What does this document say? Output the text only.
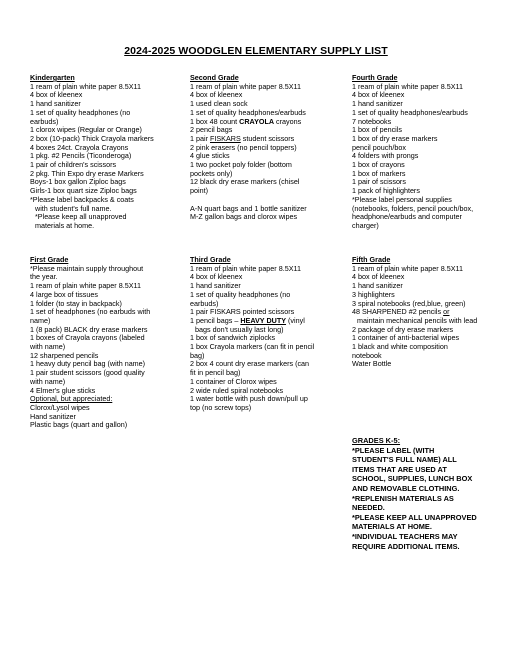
2024-2025 WOODGLEN ELEMENTARY SUPPLY LIST
Kindergarten
1 ream of plain white paper 8.5X11
4 box of kleenex
1 hand sanitizer
1 set of quality headphones (no
earbuds)
1 clorox wipes (Regular or Orange)
2 box (10-pack) Thick Crayola markers
4 boxes 24ct. Crayola Crayons
1 pkg. #2 Pencils (Ticonderoga)
1 pair of children's scissors
2 pkg. Thin Expo dry erase Markers
Boys-1 box gallon Ziploc bags
Girls-1 box quart size Ziploc bags
*Please label backpacks & coats
with student's full name.
*Please keep all unapproved
materials at home.
Second Grade
1 ream of plain white paper 8.5X11
4 box of kleenex
1 used clean sock
1 set of quality headphones/earbuds
1 box 48 count CRAYOLA crayons
2 pencil bags
1 pair FISKARS student scissors
2 pink erasers (no pencil toppers)
4 glue sticks
1 two pocket poly folder (bottom
pockets only)
12 black dry erase markers (chisel
point)
A-N quart bags and 1 bottle sanitizer
M-Z gallon bags and clorox wipes
Fourth Grade
1 ream of plain white paper 8.5X11
4 box of kleenex
1 hand sanitizer
1 set of quality headphones/earbuds
7 notebooks
1 box of pencils
1 box of dry erase markers
pencil pouch/box
4 folders with prongs
1 box of crayons
1 box of markers
1 pair of scissors
1 pack of highlighters
*Please label personal supplies
(notebooks, folders, pencil pouch/box,
headphone/earbuds and computer
charger)
First Grade
*Please maintain supply throughout
the year.
1 ream of plain white paper 8.5X11
4 large box of tissues
1 folder (to stay in backpack)
1 set of headphones (no earbuds with
name)
1 (8 pack) BLACK dry erase markers
1 boxes of Crayola crayons (labeled
with name)
12 sharpened pencils
1 heavy duty pencil bag (with name)
1 pair student scissors (good quality
with name)
4 Elmer's glue sticks
Optional, but appreciated:
Clorox/Lysol wipes
Hand sanitizer
Plastic bags (quart and gallon)
Third Grade
1 ream of plain white paper 8.5X11
4 box of kleenex
1 hand sanitizer
1 set of quality headphones (no
earbuds)
1 pair FISKARS pointed scissors
1 pencil bags – HEAVY DUTY (vinyl
bags don't usually last long)
1 box of sandwich ziplocks
1 box Crayola markers (can fit in pencil
bag)
2 box 4 count dry erase markers (can
fit in pencil bag)
1 container of Clorox wipes
2 wide ruled spiral notebooks
1 water bottle with push down/pull up
top (no screw tops)
Fifth Grade
1 ream of plain white paper 8.5X11
4 box of kleenex
1 hand sanitizer
3 highlighters
3 spiral notebooks (red,blue, green)
48 SHARPENED #2 pencils or
maintain mechanical pencils with lead
2 package of dry erase markers
1 container of anti-bacterial wipes
1 black and white composition
notebook
Water Bottle
GRADES K-5:
*PLEASE LABEL (WITH
STUDENT'S FULL NAME) ALL
ITEMS THAT ARE USED AT
SCHOOL, SUPPLIES, LUNCH BOX
AND REMOVABLE CLOTHING.
*REPLENISH MATERIALS AS
NEEDED.
*PLEASE KEEP ALL UNAPPROVED
MATERIALS AT HOME.
*INDIVIDUAL TEACHERS MAY
REQUIRE ADDITIONAL ITEMS.
